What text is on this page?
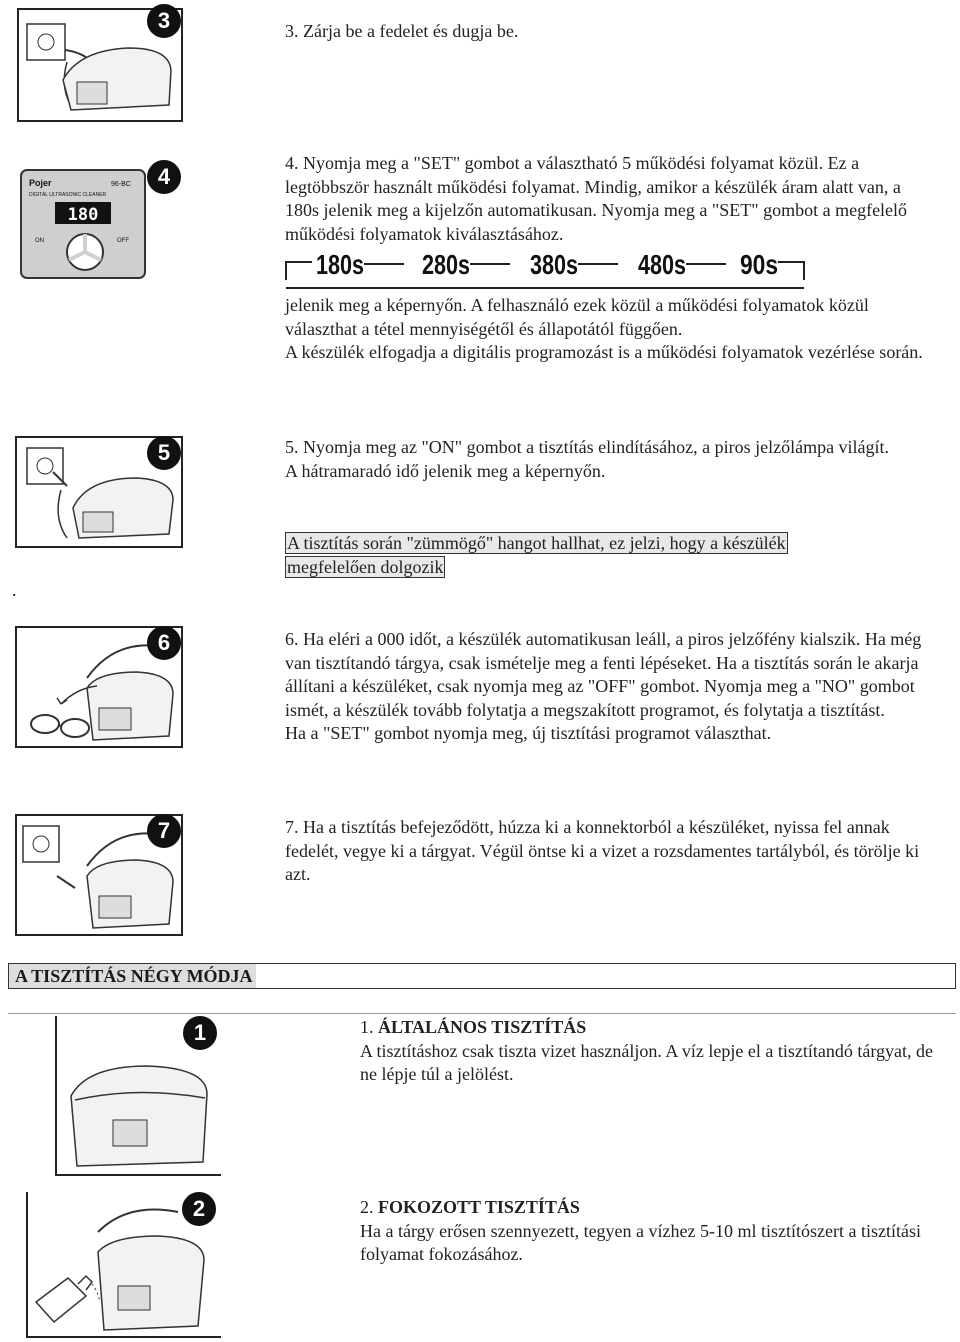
3	3. Zárja be a fedelet és dugja be.

Pojer	96-BC
DIGITAL ULTRASONIC CLEANER
180
ON	OFF
4

4. Nyomja meg a "SET" gombot a választható 5 működési folyamat közül. Ez a legtöbbször használt működési folyamat. Mindig, amikor a készülék áram alatt van, a 180s jelenik meg a kijelzőn automatikusan. Nyomja meg a "SET" gombot a megfelelő működési folyamatok kiválasztásához.

180s 280s 380s 480s 90s

jelenik meg a képernyőn. A felhasználó ezek közül a működési folyamatok közül választhat a tétel mennyiségétől és állapotától függően.

A készülék elfogadja a digitális programozást is a működési folyamatok vezérlése során.

5	5. Nyomja meg az "ON" gombot a tisztítás elindításához, a piros jelzőlámpa világít.

A hátramaradó idő jelenik meg a képernyőn.

A tisztítás során "zümmögő" hangot hallhat, ez jelzi, hogy a készülék

megfelelően dolgozik

.
6	6. Ha eléri a 000 időt, a készülék automatikusan leáll, a piros jelzőfény kialszik. Ha még van tisztítandó tárgya, csak ismételje meg a fenti lépéseket. Ha a tisztítás során le akarja állítani a készüléket, csak nyomja meg az "OFF" gombot. Nyomja meg a "NO" gombot ismét, a készülék tovább folytatja a megszakított programot, és folytatja a tisztítást.

Ha a "SET" gombot nyomja meg, új tisztítási programot választhat.

7	7. Ha a tisztítás befejeződött, húzza ki a konnektorból a készüléket, nyissa fel annak fedelét, vegye ki a tárgyat. Végül öntse ki a vizet a rozsdamentes tartályból, és törölje ki azt.

A TISZTÍTÁS NÉGY MÓDJA
1	1. ÁLTALÁNOS TISZTÍTÁS

A tisztításhoz csak tiszta vizet használjon. A víz lepje el a tisztítandó tárgyat, de ne lépje túl a jelölést.

2	2. FOKOZOTT TISZTÍTÁS

Ha a tárgy erősen szennyezett, tegyen a vízhez 5-10 ml tisztítószert a tisztítási folyamat fokozásához.
